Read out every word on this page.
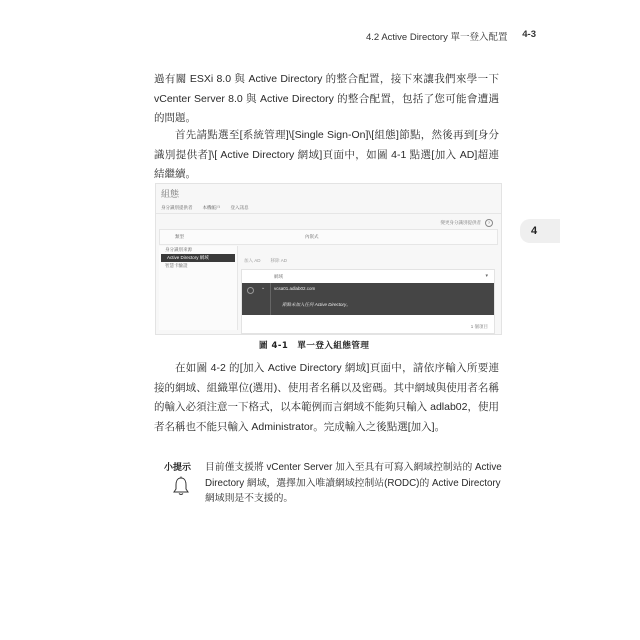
4.2 Active Directory 單一登入配置 4-3
4

過有關 ESXi 8.0 與 Active Directory 的整合配置，接下來讓我們來學一下 vCenter Server 8.0 與 Active Directory 的整合配置，包括了您可能會遭遇的問題。

首先請點選至[系統管理]\[Single Sign-On]\[組態]節點，然後再到[身分識別提供者]\[ Active Directory 網域]頁面中，如圖 4-1 點選[加入 AD]超連結繼續。

組態
身分識別提供者 本機帳戶 登入訊息
變更身分識別提供者	?
類型	內嵌式
身分識別來源
Active Directory 網域
智慧卡驗證
加入 AD 移除 AD
網域	▾
⌄ vcsa01.adlab02.com
節點未加入任何 Active Directory。
1 個項目
圖 4-1　單一登入組態管理

在如圖 4-2 的[加入 Active Directory 網域]頁面中，請依序輸入所要連接的網域、組織單位(選用)、使用者名稱以及密碼。其中網域與使用者名稱的輸入必須注意一下格式，以本範例而言網域不能夠只輸入 adlab02，使用者名稱也不能只輸入 Administrator。完成輸入之後點選[加入]。

小提示 目前僅支援將 vCenter Server 加入至具有可寫入網域控制站的 Active Directory 網域，選擇加入唯讀網域控制站(RODC)的 Active Directory 網域則是不支援的。
